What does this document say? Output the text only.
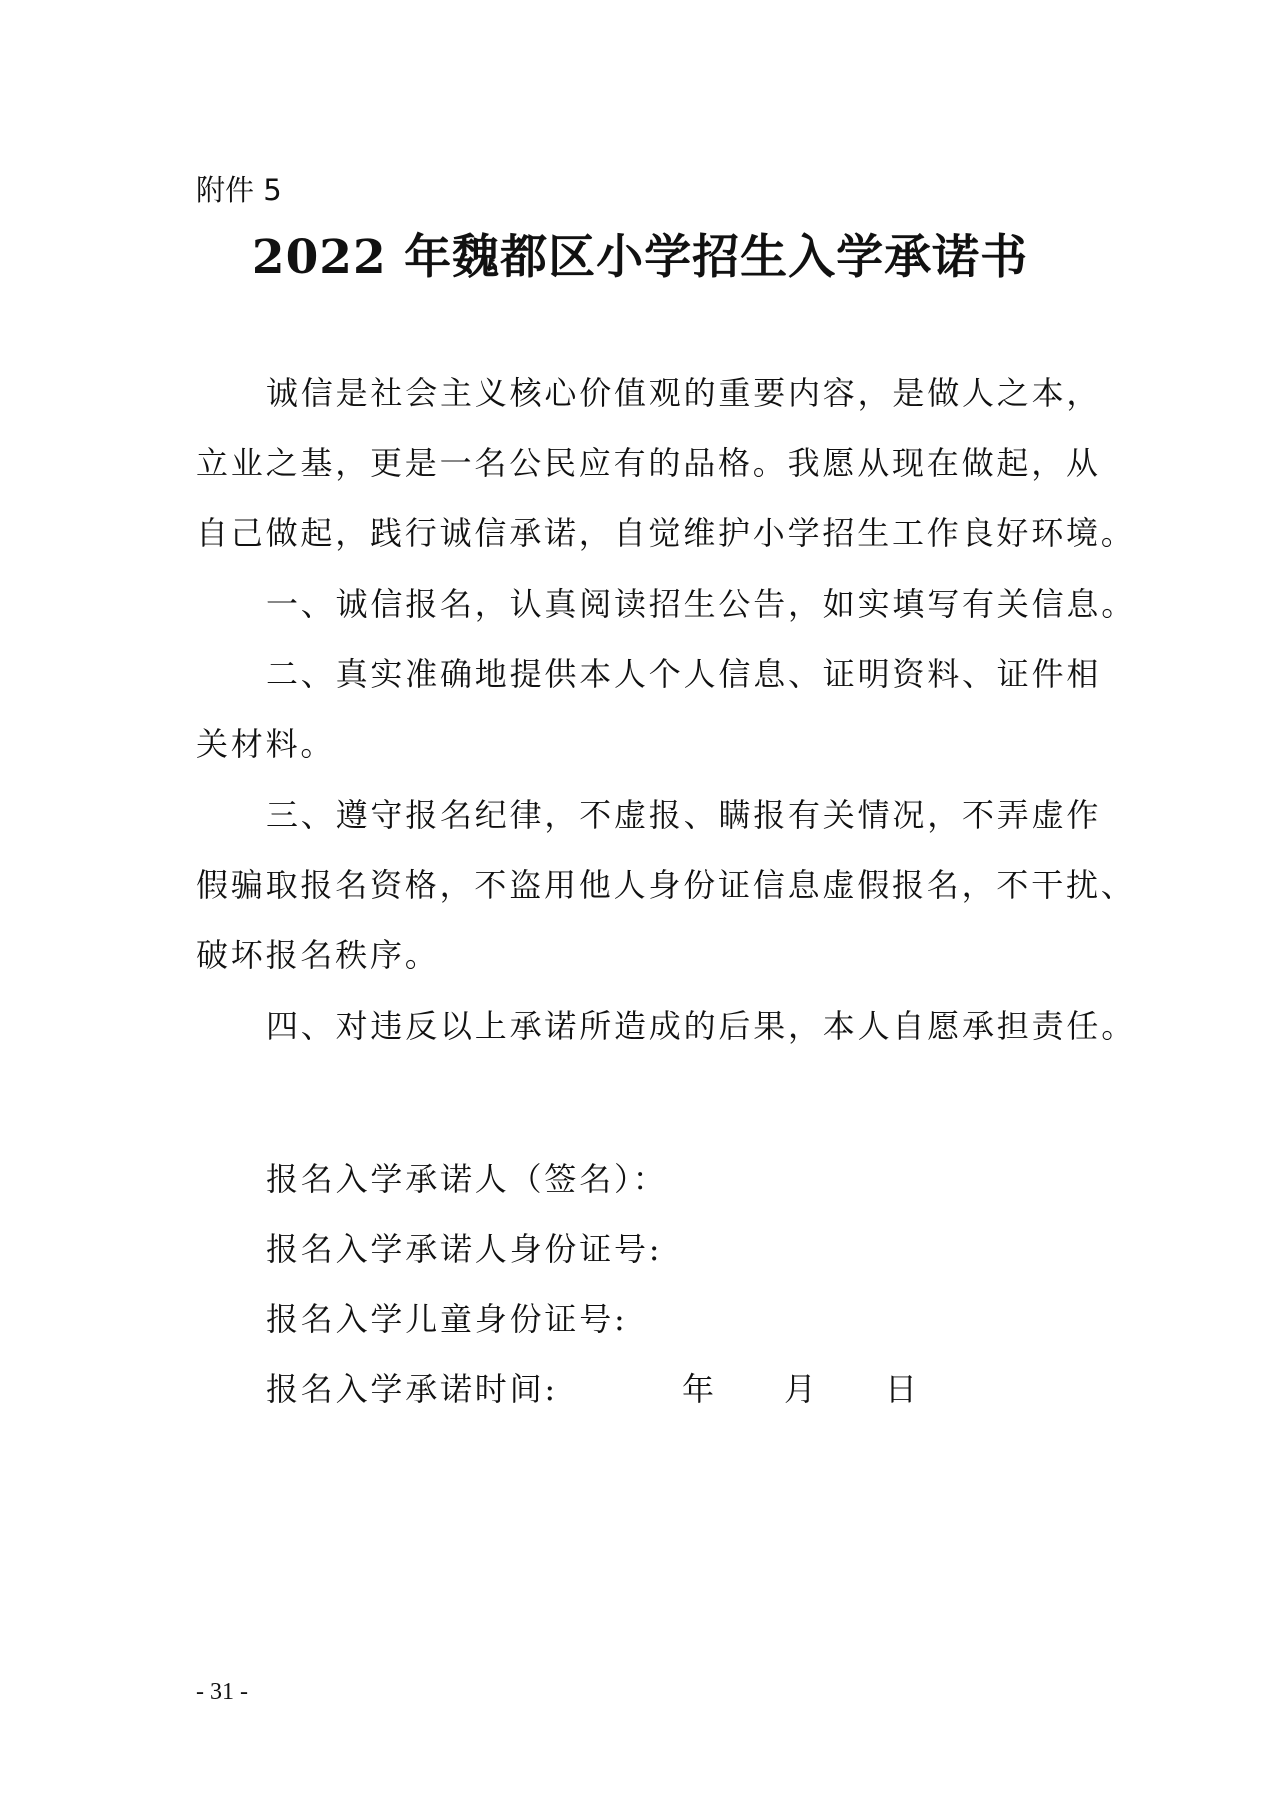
附件 5
2022 年魏都区小学招生入学承诺书
诚信是社会主义核心价值观的重要内容，是做人之本，
立业之基，更是一名公民应有的品格。我愿从现在做起，从
自己做起，践行诚信承诺，自觉维护小学招生工作良好环境。
一、诚信报名，认真阅读招生公告，如实填写有关信息。
二、真实准确地提供本人个人信息、证明资料、证件相
关材料。
三、遵守报名纪律，不虚报、瞒报有关情况，不弄虚作
假骗取报名资格，不盗用他人身份证信息虚假报名，不干扰、
破坏报名秩序。
四、对违反以上承诺所造成的后果，本人自愿承担责任。
报名入学承诺人（签名）：
报名入学承诺人身份证号:
报名入学儿童身份证号:
报名入学承诺时间:	年 月 日
- 31 -
